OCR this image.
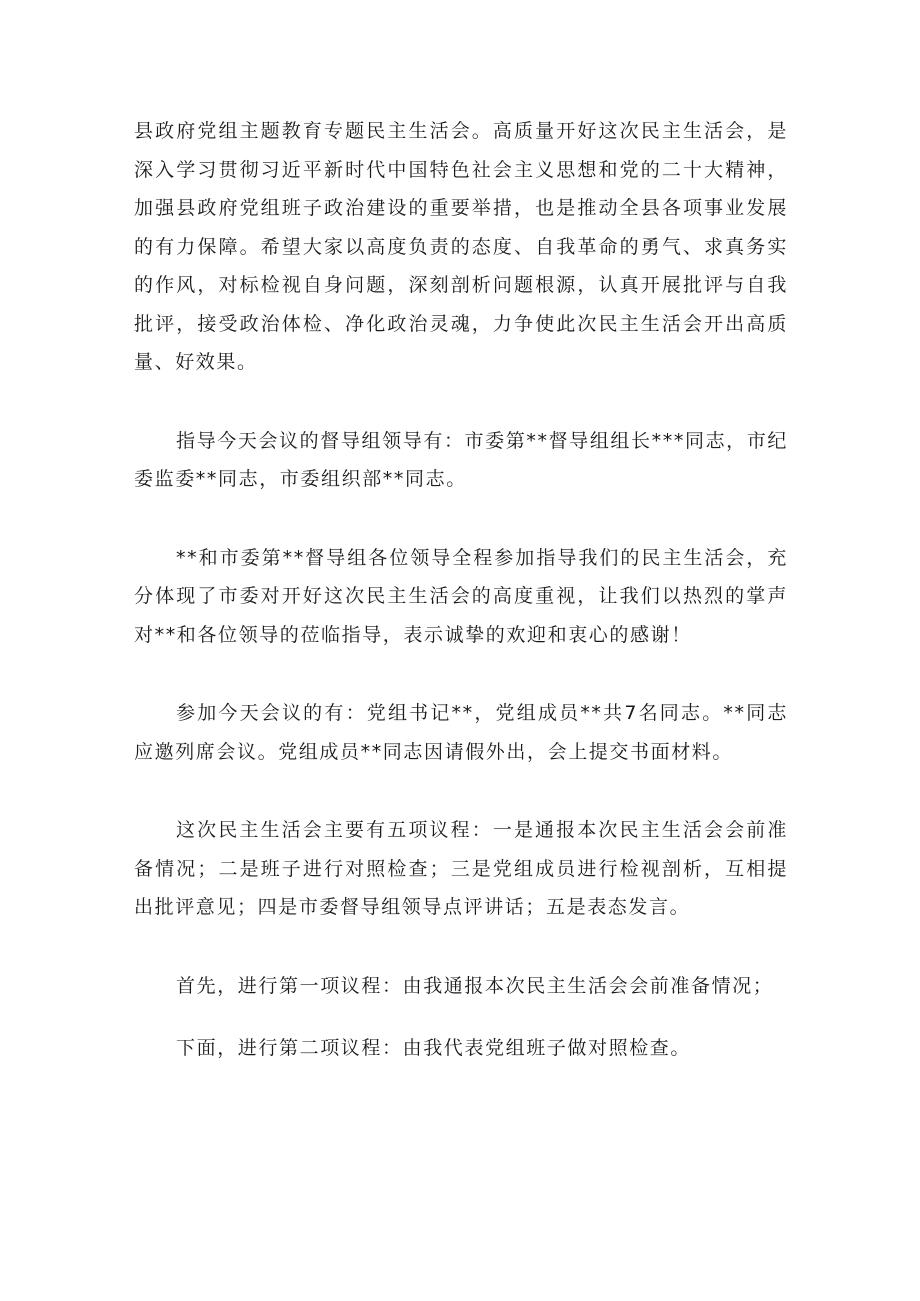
县政府党组主题教育专题民主生活会。高质量开好这次民主生活会，是深入学习贯彻习近平新时代中国特色社会主义思想和党的二十大精神，加强县政府党组班子政治建设的重要举措，也是推动全县各项事业发展的有力保障。希望大家以高度负责的态度、自我革命的勇气、求真务实的作风，对标检视自身问题，深刻剖析问题根源，认真开展批评与自我批评，接受政治体检、净化政治灵魂，力争使此次民主生活会开出高质量、好效果。

指导今天会议的督导组领导有：市委第**督导组组长***同志，市纪委监委**同志，市委组织部**同志。

**和市委第**督导组各位领导全程参加指导我们的民主生活会，充分体现了市委对开好这次民主生活会的高度重视，让我们以热烈的掌声对**和各位领导的莅临指导，表示诚挚的欢迎和衷心的感谢！

参加今天会议的有：党组书记**，党组成员**共7名同志。**同志应邀列席会议。党组成员**同志因请假外出，会上提交书面材料。

这次民主生活会主要有五项议程：一是通报本次民主生活会会前准备情况；二是班子进行对照检查；三是党组成员进行检视剖析，互相提出批评意见；四是市委督导组领导点评讲话；五是表态发言。

首先，进行第一项议程：由我通报本次民主生活会会前准备情况；

下面，进行第二项议程：由我代表党组班子做对照检查。
